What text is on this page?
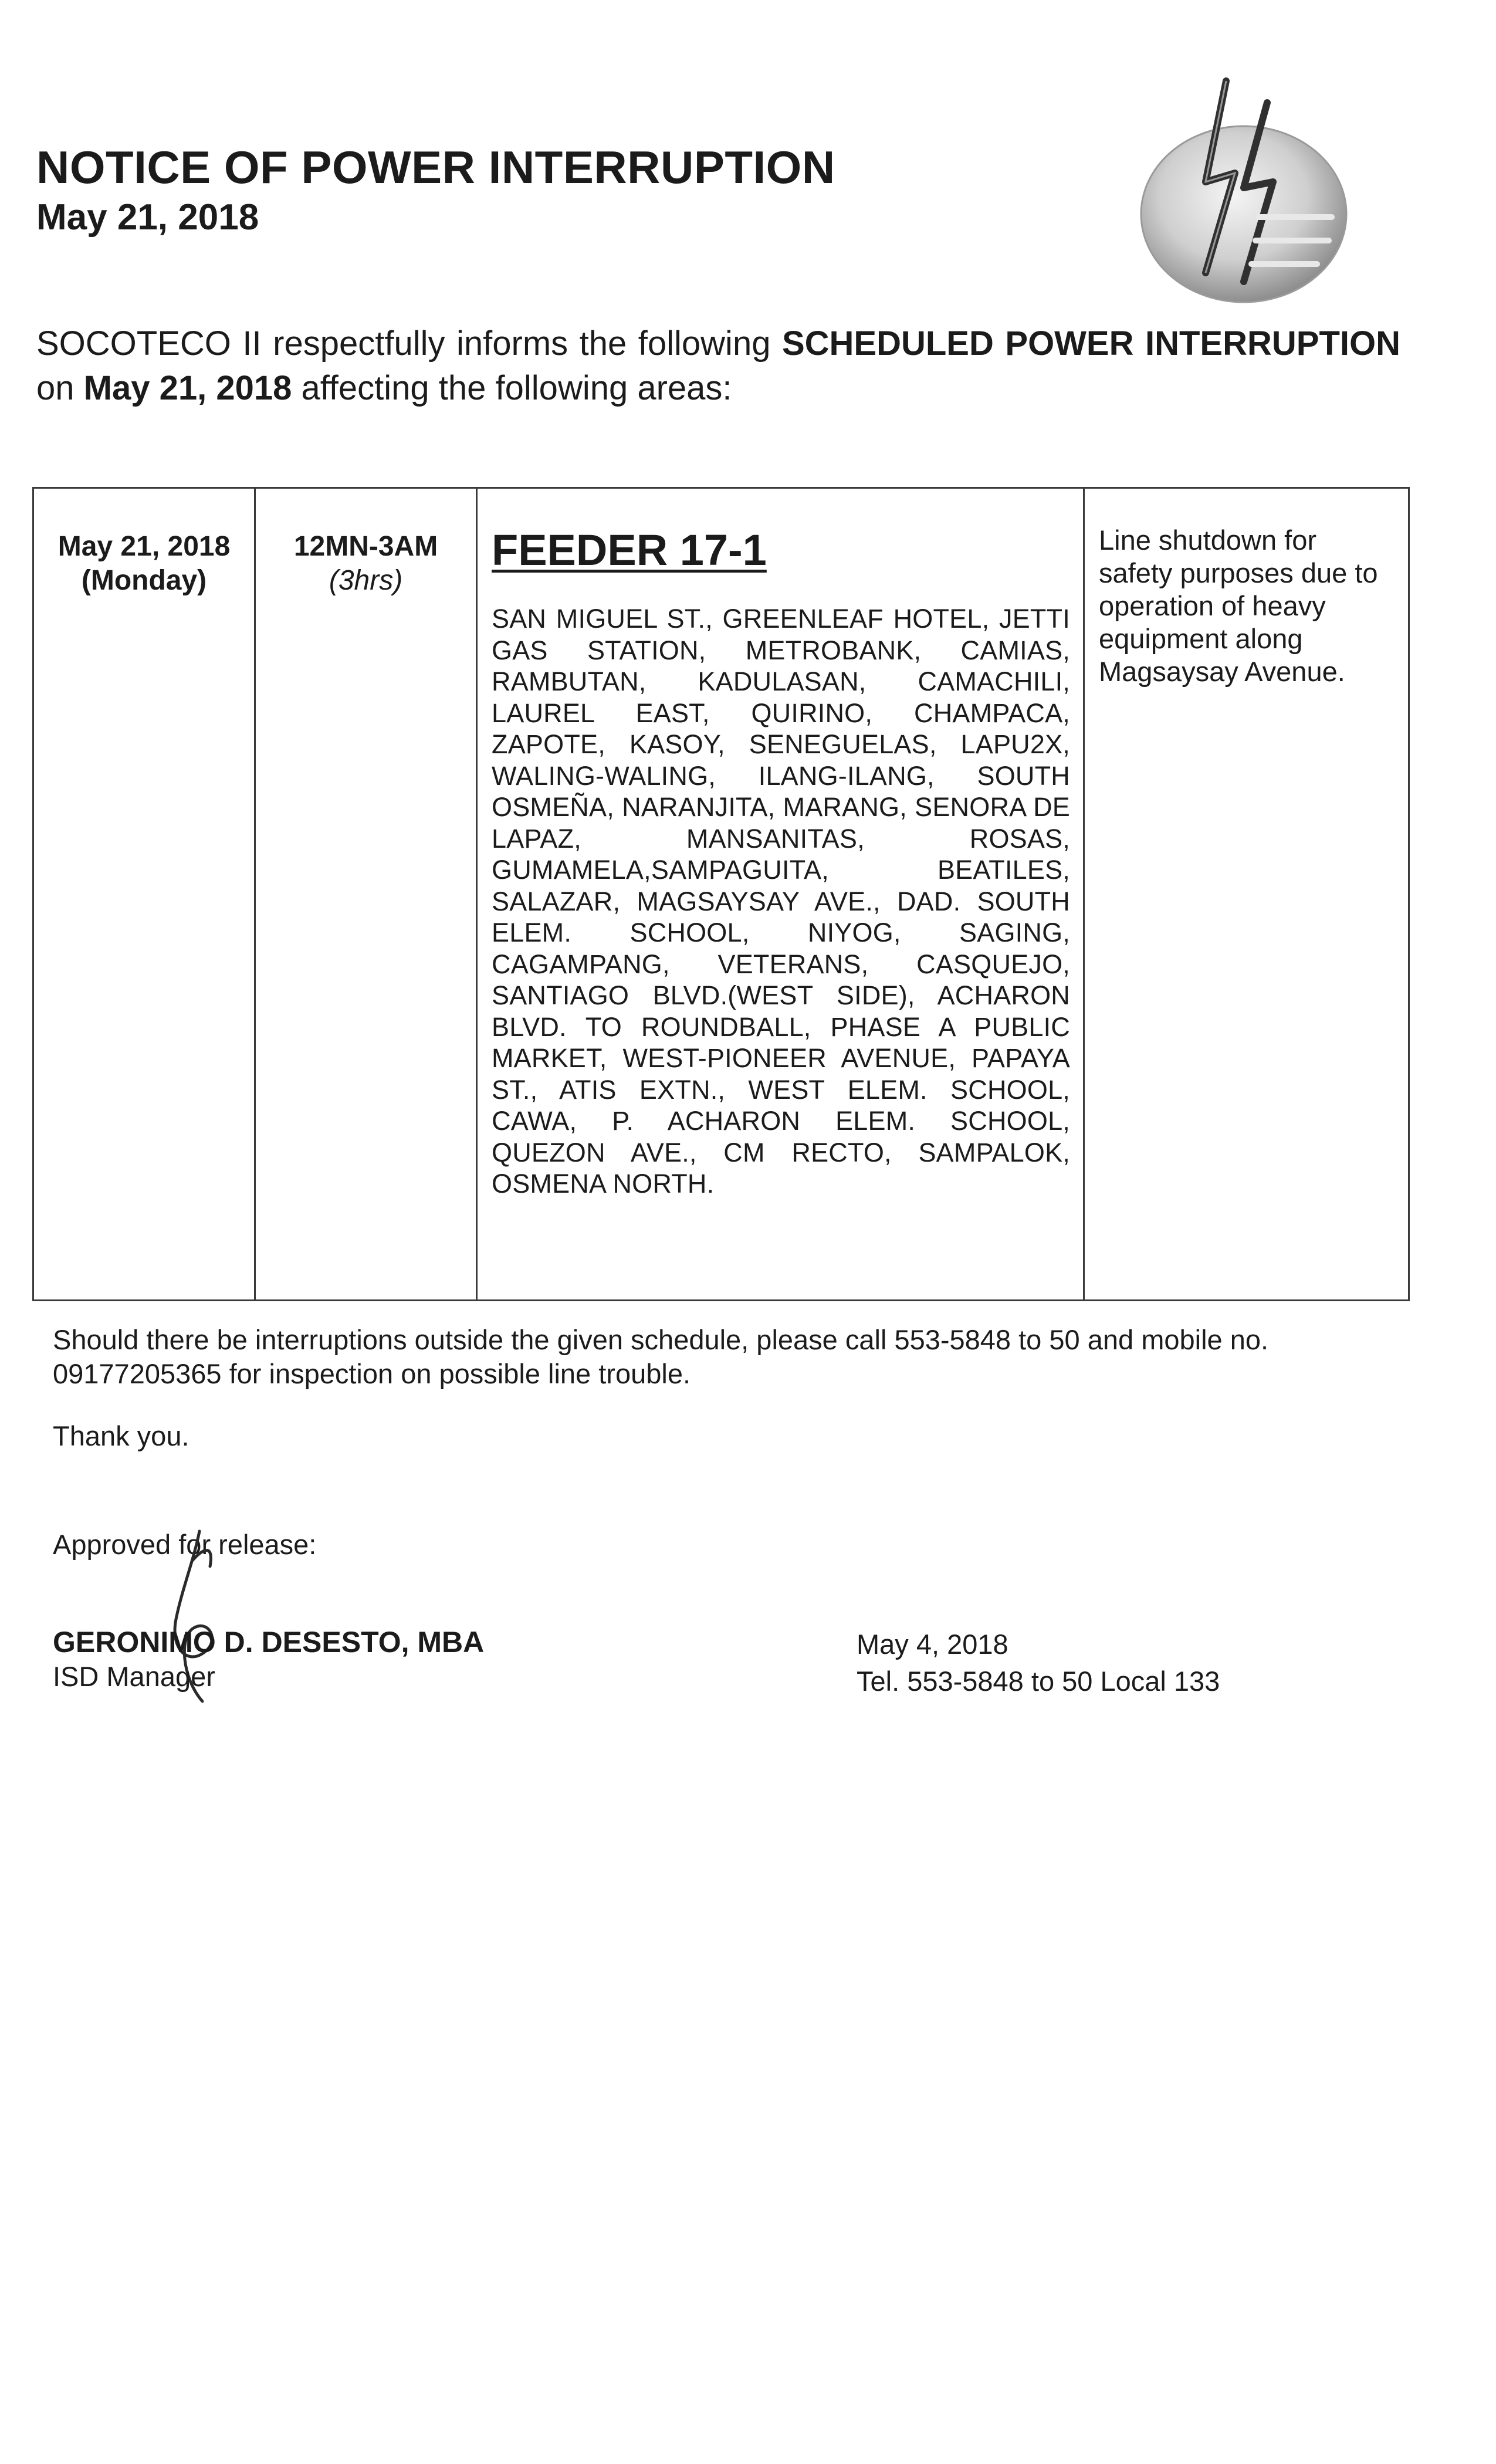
NOTICE OF POWER INTERRUPTION
May 21, 2018
SOCOTECO II respectfully informs the following SCHEDULED POWER INTERRUPTION on May 21, 2018 affecting the following areas:
May 21, 2018
(Monday)

12MN-3AM
(3hrs)

FEEDER 17-1
SAN MIGUEL ST., GREENLEAF HOTEL, JETTI GAS STATION, METROBANK, CAMIAS, RAMBUTAN, KADULASAN, CAMACHILI, LAUREL EAST, QUIRINO, CHAMPACA, ZAPOTE, KASOY, SENEGUELAS, LAPU2X, WALING-WALING, ILANG-ILANG, SOUTH OSMEÑA, NARANJITA, MARANG, SENORA DE LAPAZ, MANSANITAS, ROSAS, GUMAMELA,SAMPAGUITA, BEATILES, SALAZAR, MAGSAYSAY AVE., DAD. SOUTH ELEM. SCHOOL, NIYOG, SAGING, CAGAMPANG, VETERANS, CASQUEJO, SANTIAGO BLVD.(WEST SIDE), ACHARON BLVD. TO ROUNDBALL, PHASE A PUBLIC MARKET, WEST-PIONEER AVENUE, PAPAYA ST., ATIS EXTN., WEST ELEM. SCHOOL, CAWA, P. ACHARON ELEM. SCHOOL, QUEZON AVE., CM RECTO, SAMPALOK, OSMENA NORTH.

Line shutdown for safety purposes due to operation of heavy equipment along Magsaysay Avenue.
Should there be interruptions outside the given schedule, please call 553-5848 to 50 and mobile no. 09177205365 for inspection on possible line trouble.
Thank you.
Approved for release:
GERONIMO D. DESESTO, MBA
ISD Manager
May 4, 2018
Tel. 553-5848 to 50 Local 133
